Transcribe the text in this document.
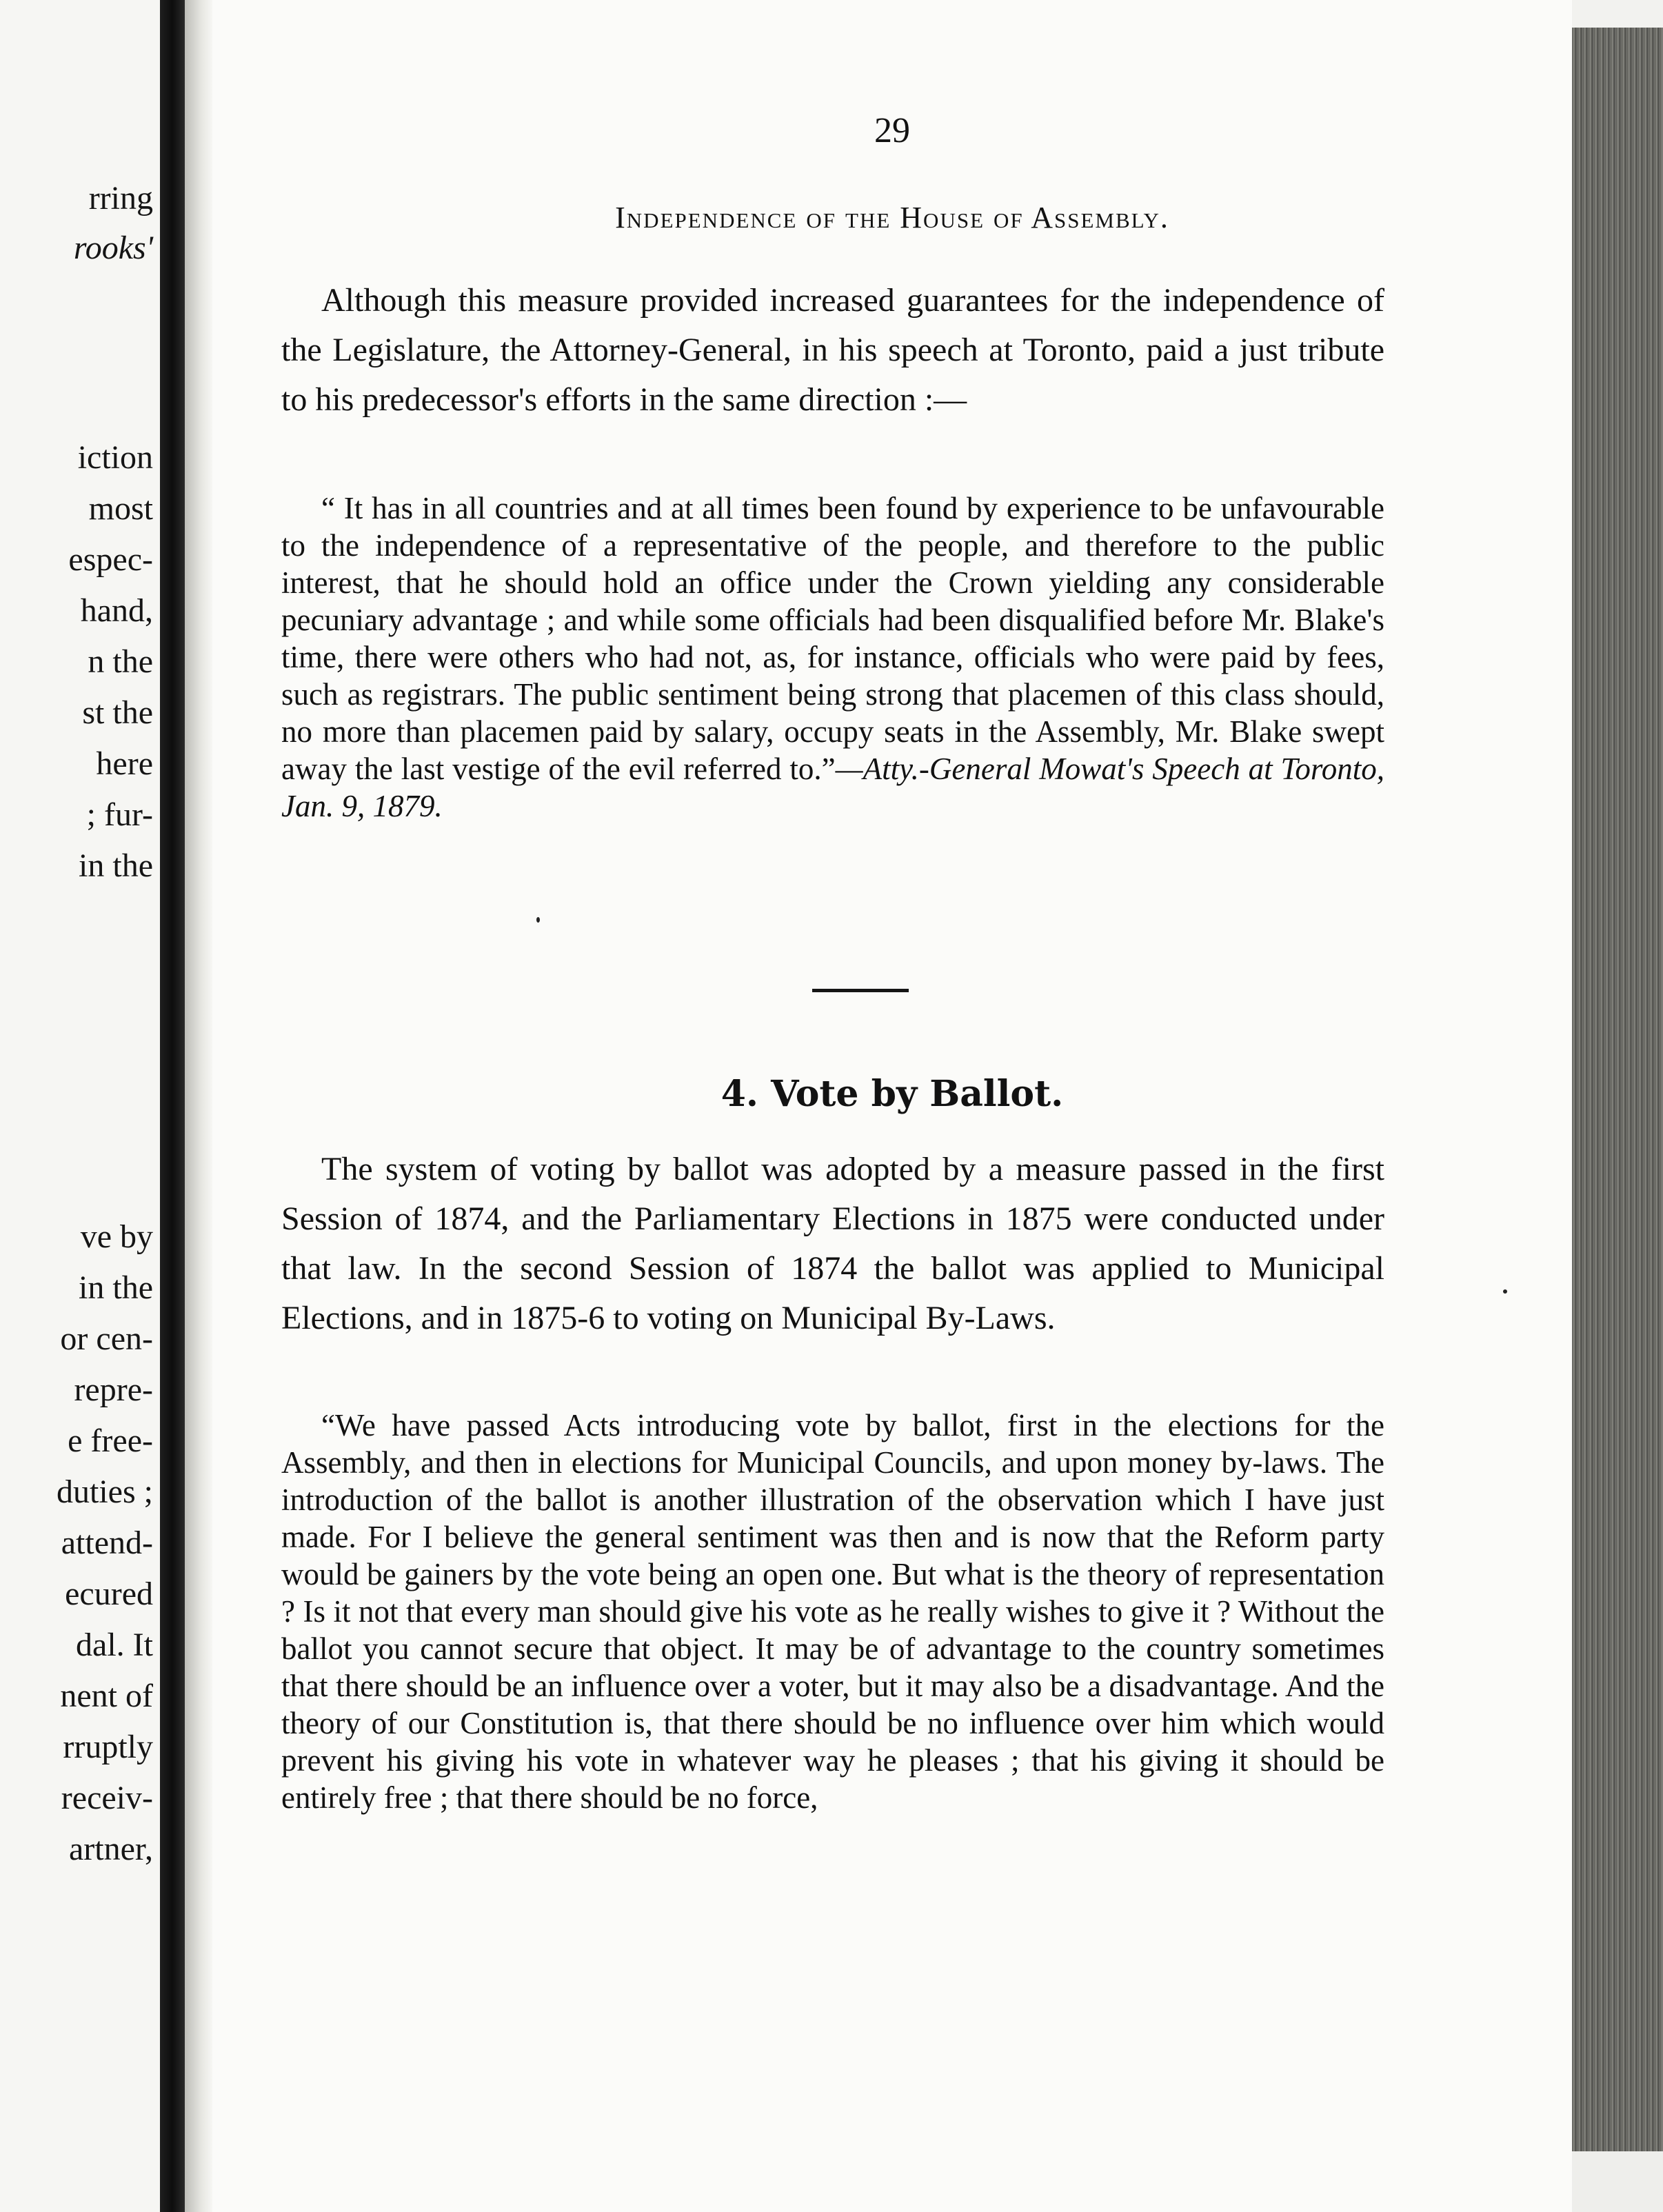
rring
rooks'
iction
most
espec-
hand,
n the
st the
here
; fur-
in the
ve by
in the
or cen-
repre-
e free-
duties ;
attend-
ecured
dal. It
nent of
rruptly
receiv-
artner,
29
Independence of the House of Assembly.

Although this measure provided increased guarantees for the independence of the Legislature, the Attorney-General, in his speech at Toronto, paid a just tribute to his predecessor's efforts in the same direction :—

“ It has in all countries and at all times been found by experience to be unfavourable to the independence of a representative of the people, and therefore to the public interest, that he should hold an office under the Crown yielding any considerable pecuniary advantage ; and while some officials had been disqualified before Mr. Blake's time, there were others who had not, as, for instance, officials who were paid by fees, such as registrars. The public sentiment being strong that placemen of this class should, no more than placemen paid by salary, occupy seats in the Assembly, Mr. Blake swept away the last vestige of the evil referred to.”—Atty.-General Mowat's Speech at Toronto, Jan. 9, 1879.

4. Vote by Ballot.

The system of voting by ballot was adopted by a measure passed in the first Session of 1874, and the Parliamentary Elections in 1875 were conducted under that law. In the second Session of 1874 the ballot was applied to Municipal Elections, and in 1875-6 to voting on Municipal By-Laws.

“We have passed Acts introducing vote by ballot, first in the elections for the Assembly, and then in elections for Municipal Councils, and upon money by-laws. The introduction of the ballot is another illustration of the observation which I have just made. For I believe the general sentiment was then and is now that the Reform party would be gainers by the vote being an open one. But what is the theory of representation ? Is it not that every man should give his vote as he really wishes to give it ? Without the ballot you cannot secure that object. It may be of advantage to the country sometimes that there should be an influence over a voter, but it may also be a disadvantage. And the theory of our Constitution is, that there should be no influence over him which would prevent his giving his vote in whatever way he pleases ; that his giving it should be entirely free ; that there should be no force,
